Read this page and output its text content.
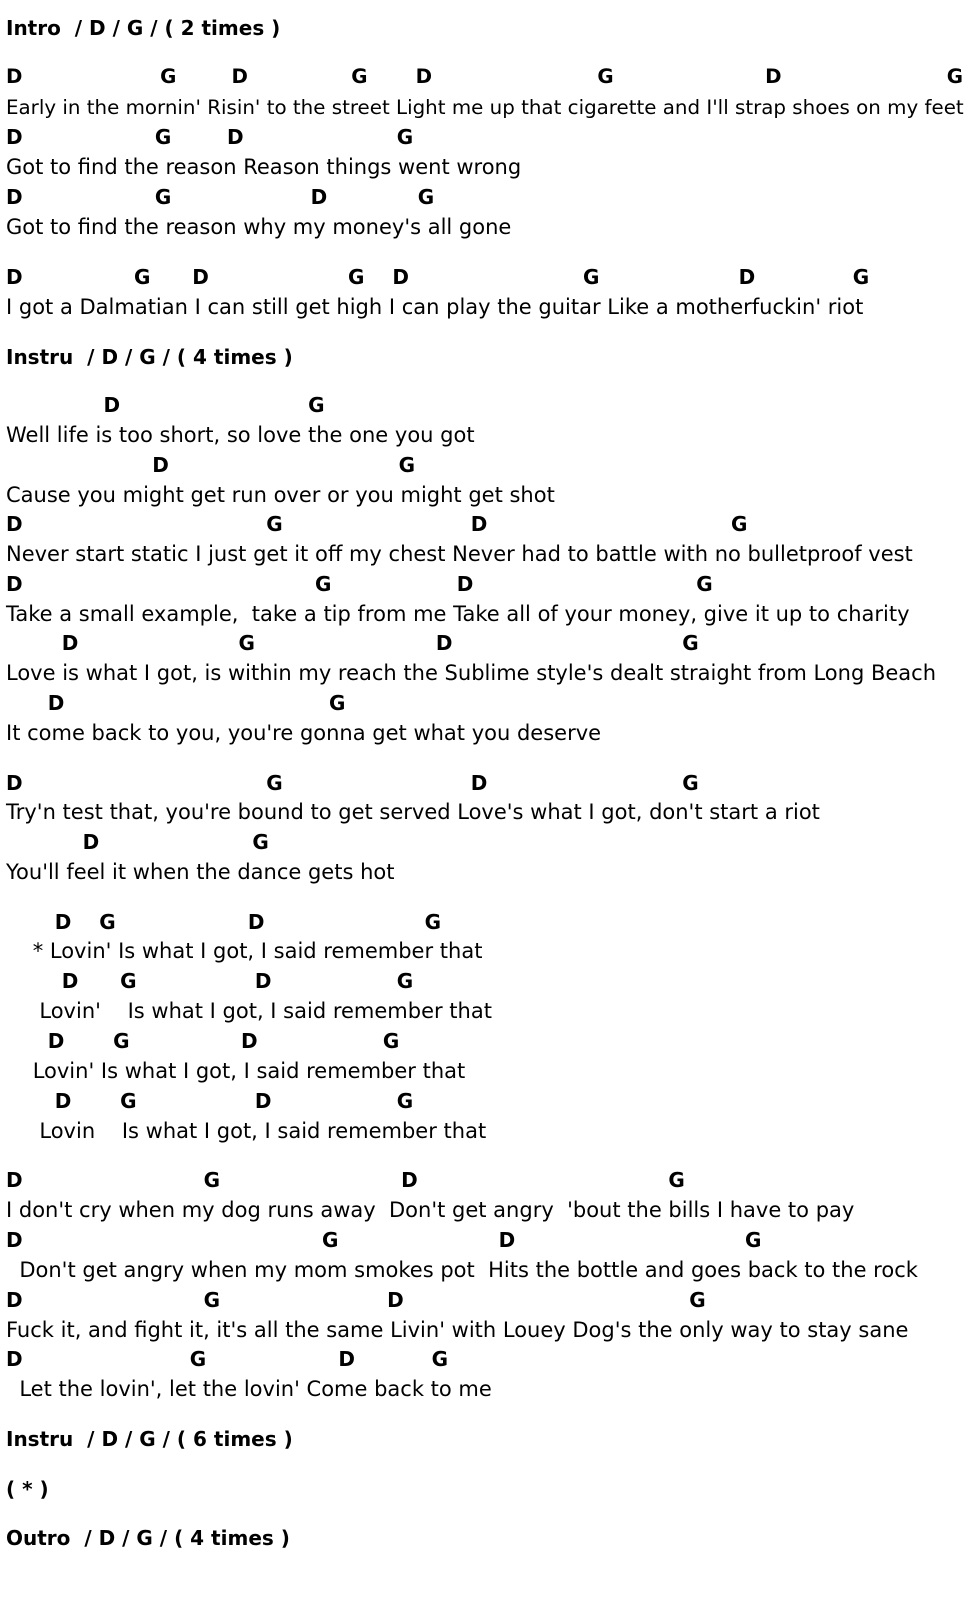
Intro  / D / G / ( 2 times )
D                    G        D               G       D                        G                      D                        G
Early in the mornin' Risin' to the street Light me up that cigarette and I'll strap shoes on my feet
D                   G        D                      G
Got to find the reason Reason things went wrong
D                   G                    D             G
Got to find the reason why my money's all gone
D                G      D                    G    D                         G                    D              G
I got a Dalmatian I can still get high I can play the guitar Like a motherfuckin' riot
Instru  / D / G / ( 4 times )
D                           G
Well life is too short, so love the one you got
D                                 G
Cause you might get run over or you might get shot
D                                   G                           D                                   G
Never start static I just get it off my chest Never had to battle with no bulletproof vest
D                                          G                  D                                G
Take a small example,  take a tip from me Take all of your money, give it up to charity
D                       G                          D                                 G
Love is what I got, is within my reach the Sublime style's dealt straight from Long Beach
D                                      G
It come back to you, you're gonna get what you deserve
D                                   G                           D                            G
Try'n test that, you're bound to get served Love's what I got, don't start a riot
D                      G
You'll feel it when the dance gets hot
D    G                   D                       G
* Lovin' Is what I got, I said remember that
D      G                 D                  G
Lovin'    Is what I got, I said remember that
D       G                D                  G
Lovin' Is what I got, I said remember that
D       G                 D                  G
Lovin    Is what I got, I said remember that
D                          G                          D                                    G
I don't cry when my dog runs away  Don't get angry  'bout the bills I have to pay
D                                           G                       D                                 G
Don't get angry when my mom smokes pot  Hits the bottle and goes back to the rock
D                          G                        D                                         G
Fuck it, and fight it, it's all the same Livin' with Louey Dog's the only way to stay sane
D                        G                   D           G
Let the lovin', let the lovin' Come back to me
Instru  / D / G / ( 6 times )
( * )
Outro  / D / G / ( 4 times )
